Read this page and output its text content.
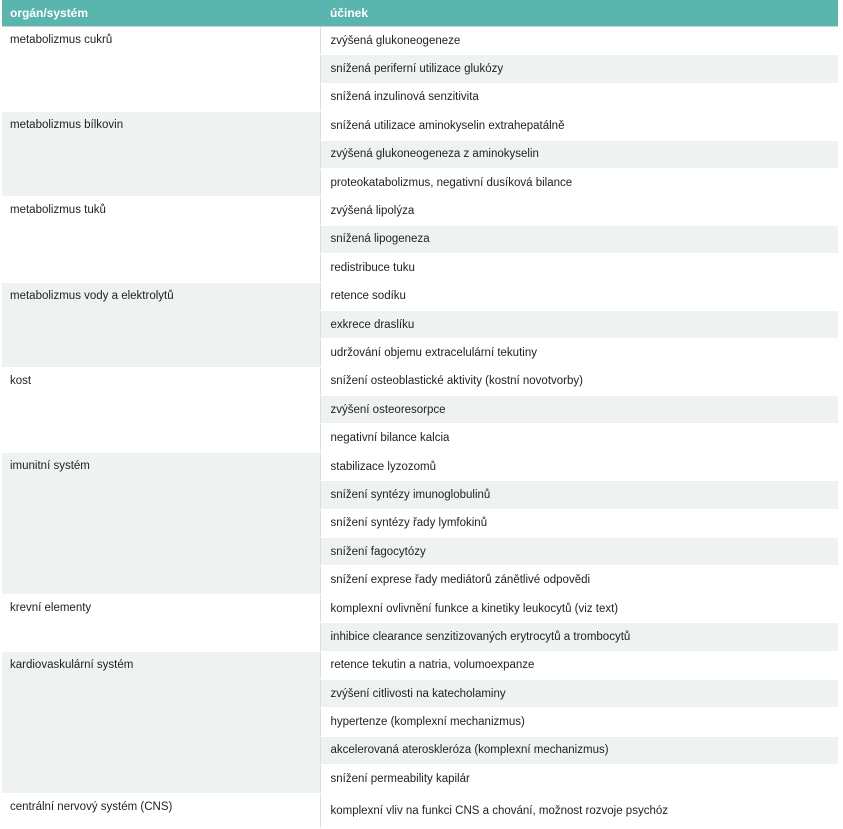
orgán/systém	účinek
metabolizmus cukrů	zvýšená glukoneogeneze
	snížená periferní utilizace glukózy
	snížená inzulinová senzitivita
metabolizmus bílkovin	snížená utilizace aminokyselin extrahepatálně
	zvýšená glukoneogeneza z aminokyselin
	proteokatabolizmus, negativní dusíková bilance
metabolizmus tuků	zvýšená lipolýza
	snížená lipogeneza
	redistribuce tuku
metabolizmus vody a elektrolytů	retence sodíku
	exkrece draslíku
	udržování objemu extracelulární tekutiny
kost	snížení osteoblastické aktivity (kostní novotvorby)
	zvýšení osteoresorpce
	negativní bilance kalcia
imunitní systém	stabilizace lyzozomů
	snížení syntézy imunoglobulinů
	snížení syntézy řady lymfokinů
	snížení fagocytózy
	snížení exprese řady mediátorů zánětlivé odpovědi
krevní elementy	komplexní ovlivnění funkce a kinetiky leukocytů (viz text)
	inhibice clearance senzitizovaných erytrocytů a trombocytů
kardiovaskulární systém	retence tekutin a natria, volumoexpanze
	zvýšení citlivosti na katecholaminy
	hypertenze (komplexní mechanizmus)
	akcelerovaná ateroskleróza (komplexní mechanizmus)
	snížení permeability kapilár
centrální nervový systém (CNS)	komplexní vliv na funkci CNS a chování, možnost rozvoje psychóz
